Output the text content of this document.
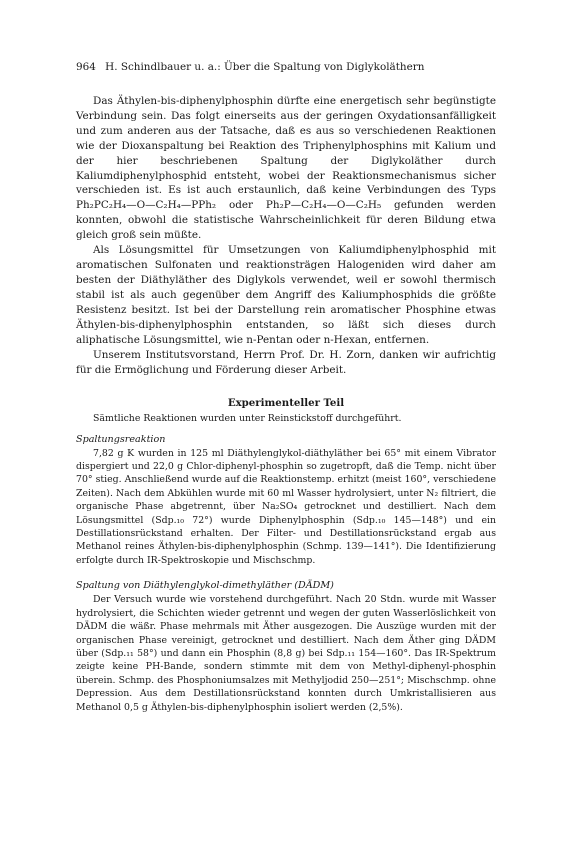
964 H. Schindlbauer u. a.: Über die Spaltung von Diglykoläthern

Das Äthylen-bis-diphenylphosphin dürfte eine energetisch sehr begünstigte Verbindung sein. Das folgt einerseits aus der geringen Oxydationsanfälligkeit und zum anderen aus der Tatsache, daß es aus so verschiedenen Reaktionen wie der Dioxanspaltung bei Reaktion des Triphenylphosphins mit Kalium und der hier beschriebenen Spaltung der Diglykoläther durch Kaliumdiphenylphosphid entsteht, wobei der Reaktionsmechanismus sicher verschieden ist. Es ist auch erstaunlich, daß keine Verbindungen des Typs Ph₂PC₂H₄—O—C₂H₄—PPh₂ oder Ph₂P—C₂H₄—O—C₂H₅ gefunden werden konnten, obwohl die statistische Wahrscheinlichkeit für deren Bildung etwa gleich groß sein müßte.

Als Lösungsmittel für Umsetzungen von Kaliumdiphenylphosphid mit aromatischen Sulfonaten und reaktionsträgen Halogeniden wird daher am besten der Diäthyläther des Diglykols verwendet, weil er sowohl thermisch stabil ist als auch gegenüber dem Angriff des Kaliumphosphids die größte Resistenz besitzt. Ist bei der Darstellung rein aromatischer Phosphine etwas Äthylen-bis-diphenylphosphin entstanden, so läßt sich dieses durch aliphatische Lösungsmittel, wie n-Pentan oder n-Hexan, entfernen.

Unserem Institutsvorstand, Herrn Prof. Dr. H. Zorn, danken wir aufrichtig für die Ermöglichung und Förderung dieser Arbeit.

Experimenteller Teil

Sämtliche Reaktionen wurden unter Reinstickstoff durchgeführt.

Spaltungsreaktion

7,82 g K wurden in 125 ml Diäthylenglykol-diäthyläther bei 65° mit einem Vibrator dispergiert und 22,0 g Chlor-diphenyl-phosphin so zugetropft, daß die Temp. nicht über 70° stieg. Anschließend wurde auf die Reaktionstemp. erhitzt (meist 160°, verschiedene Zeiten). Nach dem Abkühlen wurde mit 60 ml Wasser hydrolysiert, unter N₂ filtriert, die organische Phase abgetrennt, über Na₂SO₄ getrocknet und destilliert. Nach dem Lösungsmittel (Sdp.₁₀ 72°) wurde Diphenylphosphin (Sdp.₁₀ 145—148°) und ein Destillationsrückstand erhalten. Der Filter- und Destillationsrückstand ergab aus Methanol reines Äthylen-bis-diphenylphosphin (Schmp. 139—141°). Die Identifizierung erfolgte durch IR-Spektroskopie und Mischschmp.

Spaltung von Diäthylenglykol-dimethyläther (DÄDM)

Der Versuch wurde wie vorstehend durchgeführt. Nach 20 Stdn. wurde mit Wasser hydrolysiert, die Schichten wieder getrennt und wegen der guten Wasserlöslichkeit von DÄDM die wäßr. Phase mehrmals mit Äther ausgezogen. Die Auszüge wurden mit der organischen Phase vereinigt, getrocknet und destilliert. Nach dem Äther ging DÄDM über (Sdp.₁₁ 58°) und dann ein Phosphin (8,8 g) bei Sdp.₁₁ 154—160°. Das IR-Spektrum zeigte keine PH-Bande, sondern stimmte mit dem von Methyl-diphenyl-phosphin überein. Schmp. des Phosphoniumsalzes mit Methyljodid 250—251°; Mischschmp. ohne Depression. Aus dem Destillationsrückstand konnten durch Umkristallisieren aus Methanol 0,5 g Äthylen-bis-diphenylphosphin isoliert werden (2,5%).
